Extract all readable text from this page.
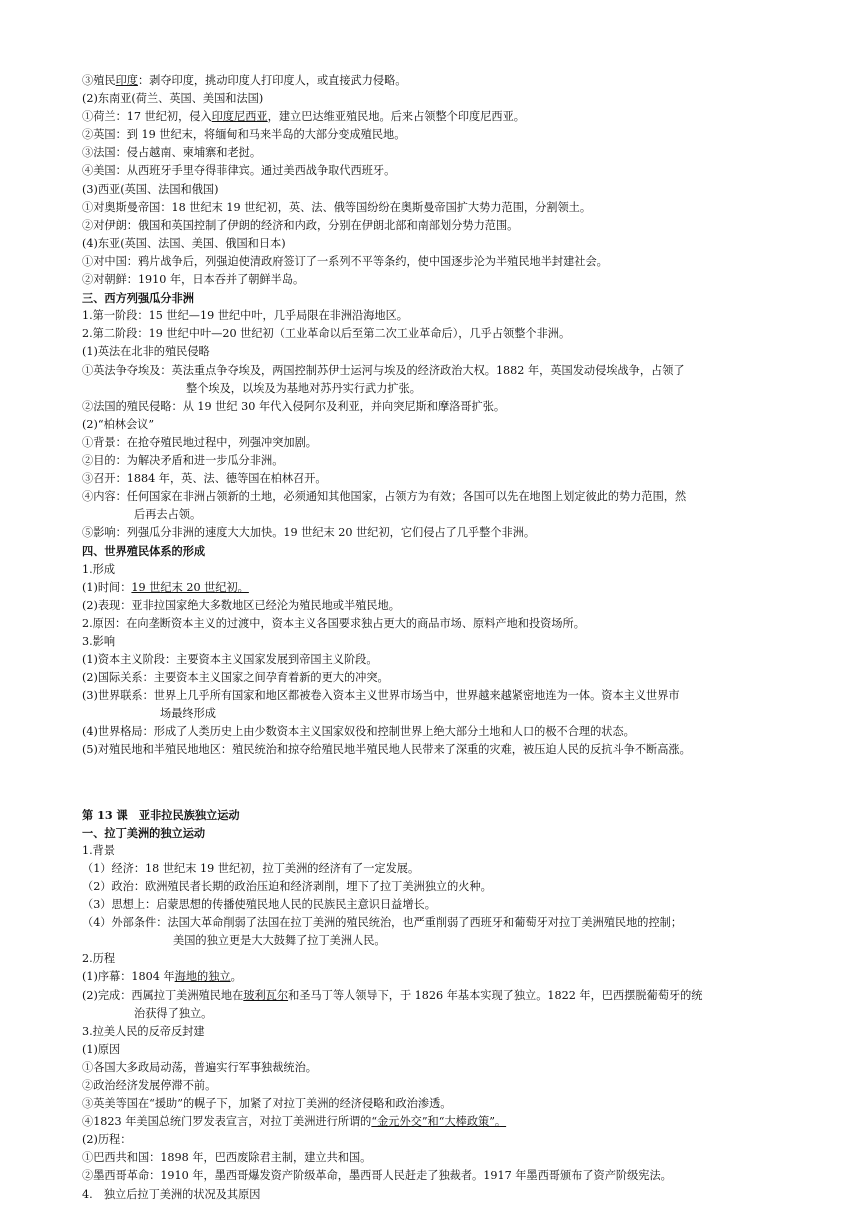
③殖民印度：剥夺印度，挑动印度人打印度人，或直接武力侵略。
(2)东南亚(荷兰、英国、美国和法国)
①荷兰：17 世纪初，侵入印度尼西亚，建立巴达维亚殖民地。后来占领整个印度尼西亚。
②英国：到 19 世纪末，将缅甸和马来半岛的大部分变成殖民地。
③法国：侵占越南、柬埔寨和老挝。
④美国：从西班牙手里夺得菲律宾。通过美西战争取代西班牙。
(3)西亚(英国、法国和俄国)
①对奥斯曼帝国：18 世纪末 19 世纪初，英、法、俄等国纷纷在奥斯曼帝国扩大势力范围，分割领土。
②对伊朗：俄国和英国控制了伊朗的经济和内政，分别在伊朗北部和南部划分势力范围。
(4)东亚(英国、法国、美国、俄国和日本)
①对中国：鸦片战争后，列强迫使清政府签订了一系列不平等条约，使中国逐步沦为半殖民地半封建社会。
②对朝鲜：1910 年，日本吞并了朝鲜半岛。
三、西方列强瓜分非洲
1.第一阶段：15 世纪—19 世纪中叶，几乎局限在非洲沿海地区。
2.第二阶段：19 世纪中叶—20 世纪初（工业革命以后至第二次工业革命后），几乎占领整个非洲。
(1)英法在北非的殖民侵略
①英法争夺埃及：英法重点争夺埃及，两国控制苏伊士运河与埃及的经济政治大权。1882 年，英国发动侵埃战争，占领了
整个埃及，以埃及为基地对苏丹实行武力扩张。
②法国的殖民侵略：从 19 世纪 30 年代入侵阿尔及利亚，并向突尼斯和摩洛哥扩张。
(2)“柏林会议”
①背景：在抢夺殖民地过程中，列强冲突加剧。
②目的：为解决矛盾和进一步瓜分非洲。
③召开：1884 年，英、法、德等国在柏林召开。
④内容：任何国家在非洲占领新的土地，必须通知其他国家，占领方为有效；各国可以先在地图上划定彼此的势力范围，然
后再去占领。
⑤影响：列强瓜分非洲的速度大大加快。19 世纪末 20 世纪初，它们侵占了几乎整个非洲。
四、世界殖民体系的形成
1.形成
(1)时间：19 世纪末 20 世纪初。
(2)表现：亚非拉国家绝大多数地区已经沦为殖民地或半殖民地。
2.原因：在向垄断资本主义的过渡中，资本主义各国要求独占更大的商品市场、原料产地和投资场所。
3.影响
(1)资本主义阶段：主要资本主义国家发展到帝国主义阶段。
(2)国际关系：主要资本主义国家之间孕育着新的更大的冲突。
(3)世界联系：世界上几乎所有国家和地区都被卷入资本主义世界市场当中，世界越来越紧密地连为一体。资本主义世界市
场最终形成
(4)世界格局：形成了人类历史上由少数资本主义国家奴役和控制世界上绝大部分土地和人口的极不合理的状态。
(5)对殖民地和半殖民地地区：殖民统治和掠夺给殖民地半殖民地人民带来了深重的灾难，被压迫人民的反抗斗争不断高涨。
第 13 课　亚非拉民族独立运动
一、拉丁美洲的独立运动
1.背景
（1）经济：18 世纪末 19 世纪初，拉丁美洲的经济有了一定发展。
（2）政治：欧洲殖民者长期的政治压迫和经济剥削，埋下了拉丁美洲独立的火种。
（3）思想上：启蒙思想的传播使殖民地人民的民族民主意识日益增长。
（4）外部条件：法国大革命削弱了法国在拉丁美洲的殖民统治，也严重削弱了西班牙和葡萄牙对拉丁美洲殖民地的控制；
美国的独立更是大大鼓舞了拉丁美洲人民。
2.历程
(1)序幕：1804 年海地的独立。
(2)完成：西属拉丁美洲殖民地在玻利瓦尔和圣马丁等人领导下，于 1826 年基本实现了独立。1822 年，巴西摆脱葡萄牙的统
治获得了独立。
3.拉美人民的反帝反封建
(1)原因
①各国大多政局动荡，普遍实行军事独裁统治。
②政治经济发展停滞不前。
③英美等国在“援助”的幌子下，加紧了对拉丁美洲的经济侵略和政治渗透。
④1823 年美国总统门罗发表宣言，对拉丁美洲进行所谓的“金元外交”和“大棒政策”。
(2)历程：
①巴西共和国：1898 年，巴西废除君主制，建立共和国。
②墨西哥革命：1910 年，墨西哥爆发资产阶级革命，墨西哥人民赶走了独裁者。1917 年墨西哥颁布了资产阶级宪法。
4.　独立后拉丁美洲的状况及其原因
